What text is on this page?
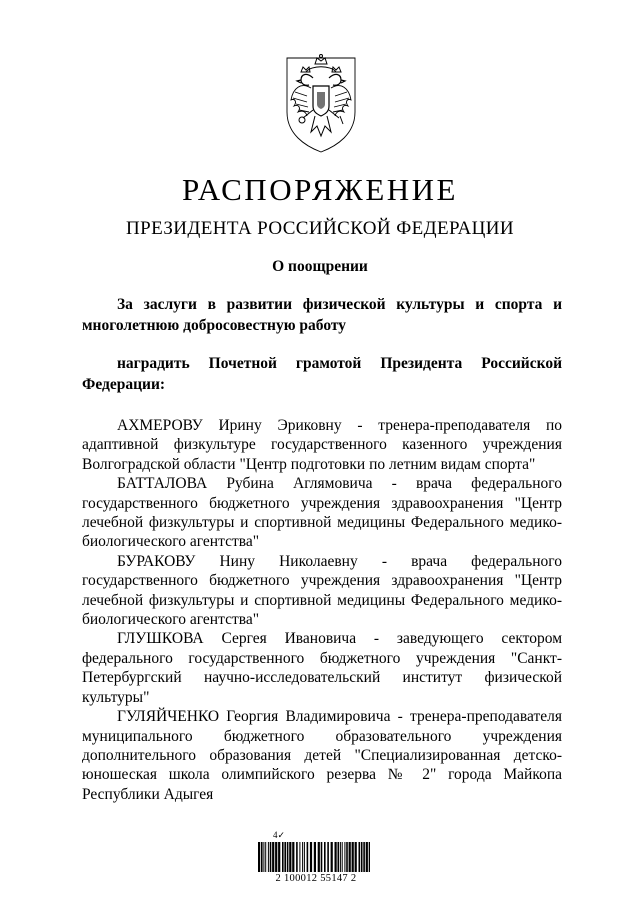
РАСПОРЯЖЕНИЕ
ПРЕЗИДЕНТА РОССИЙСКОЙ ФЕДЕРАЦИИ
О поощрении

За заслуги в развитии физической культуры и спорта и многолетнюю добросовестную работу

наградить Почетной грамотой Президента Российской Федерации:

АХМЕРОВУ Ирину Эриковну - тренера-преподавателя по адаптивной физкультуре государственного казенного учреждения Волгоградской области "Центр подготовки по летним видам спорта"
БАТТАЛОВА Рубина Аглямовича - врача федерального государственного бюджетного учреждения здравоохранения "Центр лечебной физкультуры и спортивной медицины Федерального медико-биологического агентства"
БУРАКОВУ Нину Николаевну - врача федерального государственного бюджетного учреждения здравоохранения "Центр лечебной физкультуры и спортивной медицины Федерального медико-биологического агентства"
ГЛУШКОВА Сергея Ивановича - заведующего сектором федерального государственного бюджетного учреждения "Санкт-Петербургский научно-исследовательский институт физической культуры"
ГУЛЯЙЧЕНКО Георгия Владимировича - тренера-преподавателя муниципального бюджетного образовательного учреждения дополнительного образования детей "Специализированная детско-юношеская школа олимпийского резерва № 2" города Майкопа Республики Адыгея
4✓
2 100012 55147 2
